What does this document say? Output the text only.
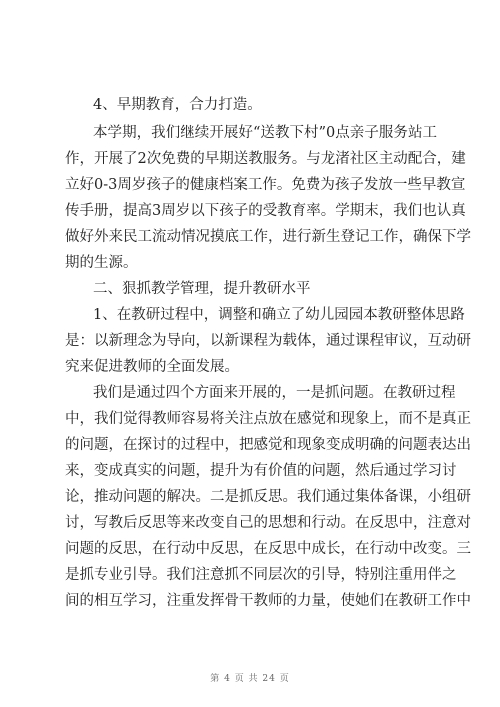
4、早期教育，合力打造。
本学期，我们继续开展好“送教下村”0点亲子服务站工
作，开展了2次免费的早期送教服务。与龙渚社区主动配合，建
立好0-3周岁孩子的健康档案工作。免费为孩子发放一些早教宣
传手册，提高3周岁以下孩子的受教育率。学期末，我们也认真
做好外来民工流动情况摸底工作，进行新生登记工作，确保下学
期的生源。
二、狠抓教学管理，提升教研水平
1、在教研过程中，调整和确立了幼儿园园本教研整体思路
是：以新理念为导向，以新课程为载体，通过课程审议，互动研
究来促进教师的全面发展。
我们是通过四个方面来开展的，一是抓问题。在教研过程
中，我们觉得教师容易将关注点放在感觉和现象上，而不是真正
的问题，在探讨的过程中，把感觉和现象变成明确的问题表达出
来，变成真实的问题，提升为有价值的问题，然后通过学习讨
论，推动问题的解决。二是抓反思。我们通过集体备课，小组研
讨，写教后反思等来改变自己的思想和行动。在反思中，注意对
问题的反思，在行动中反思，在反思中成长，在行动中改变。三
是抓专业引导。我们注意抓不同层次的引导，特别注重用伴之
间的相互学习，注重发挥骨干教师的力量，使她们在教研工作中
第 4 页 共 24 页
